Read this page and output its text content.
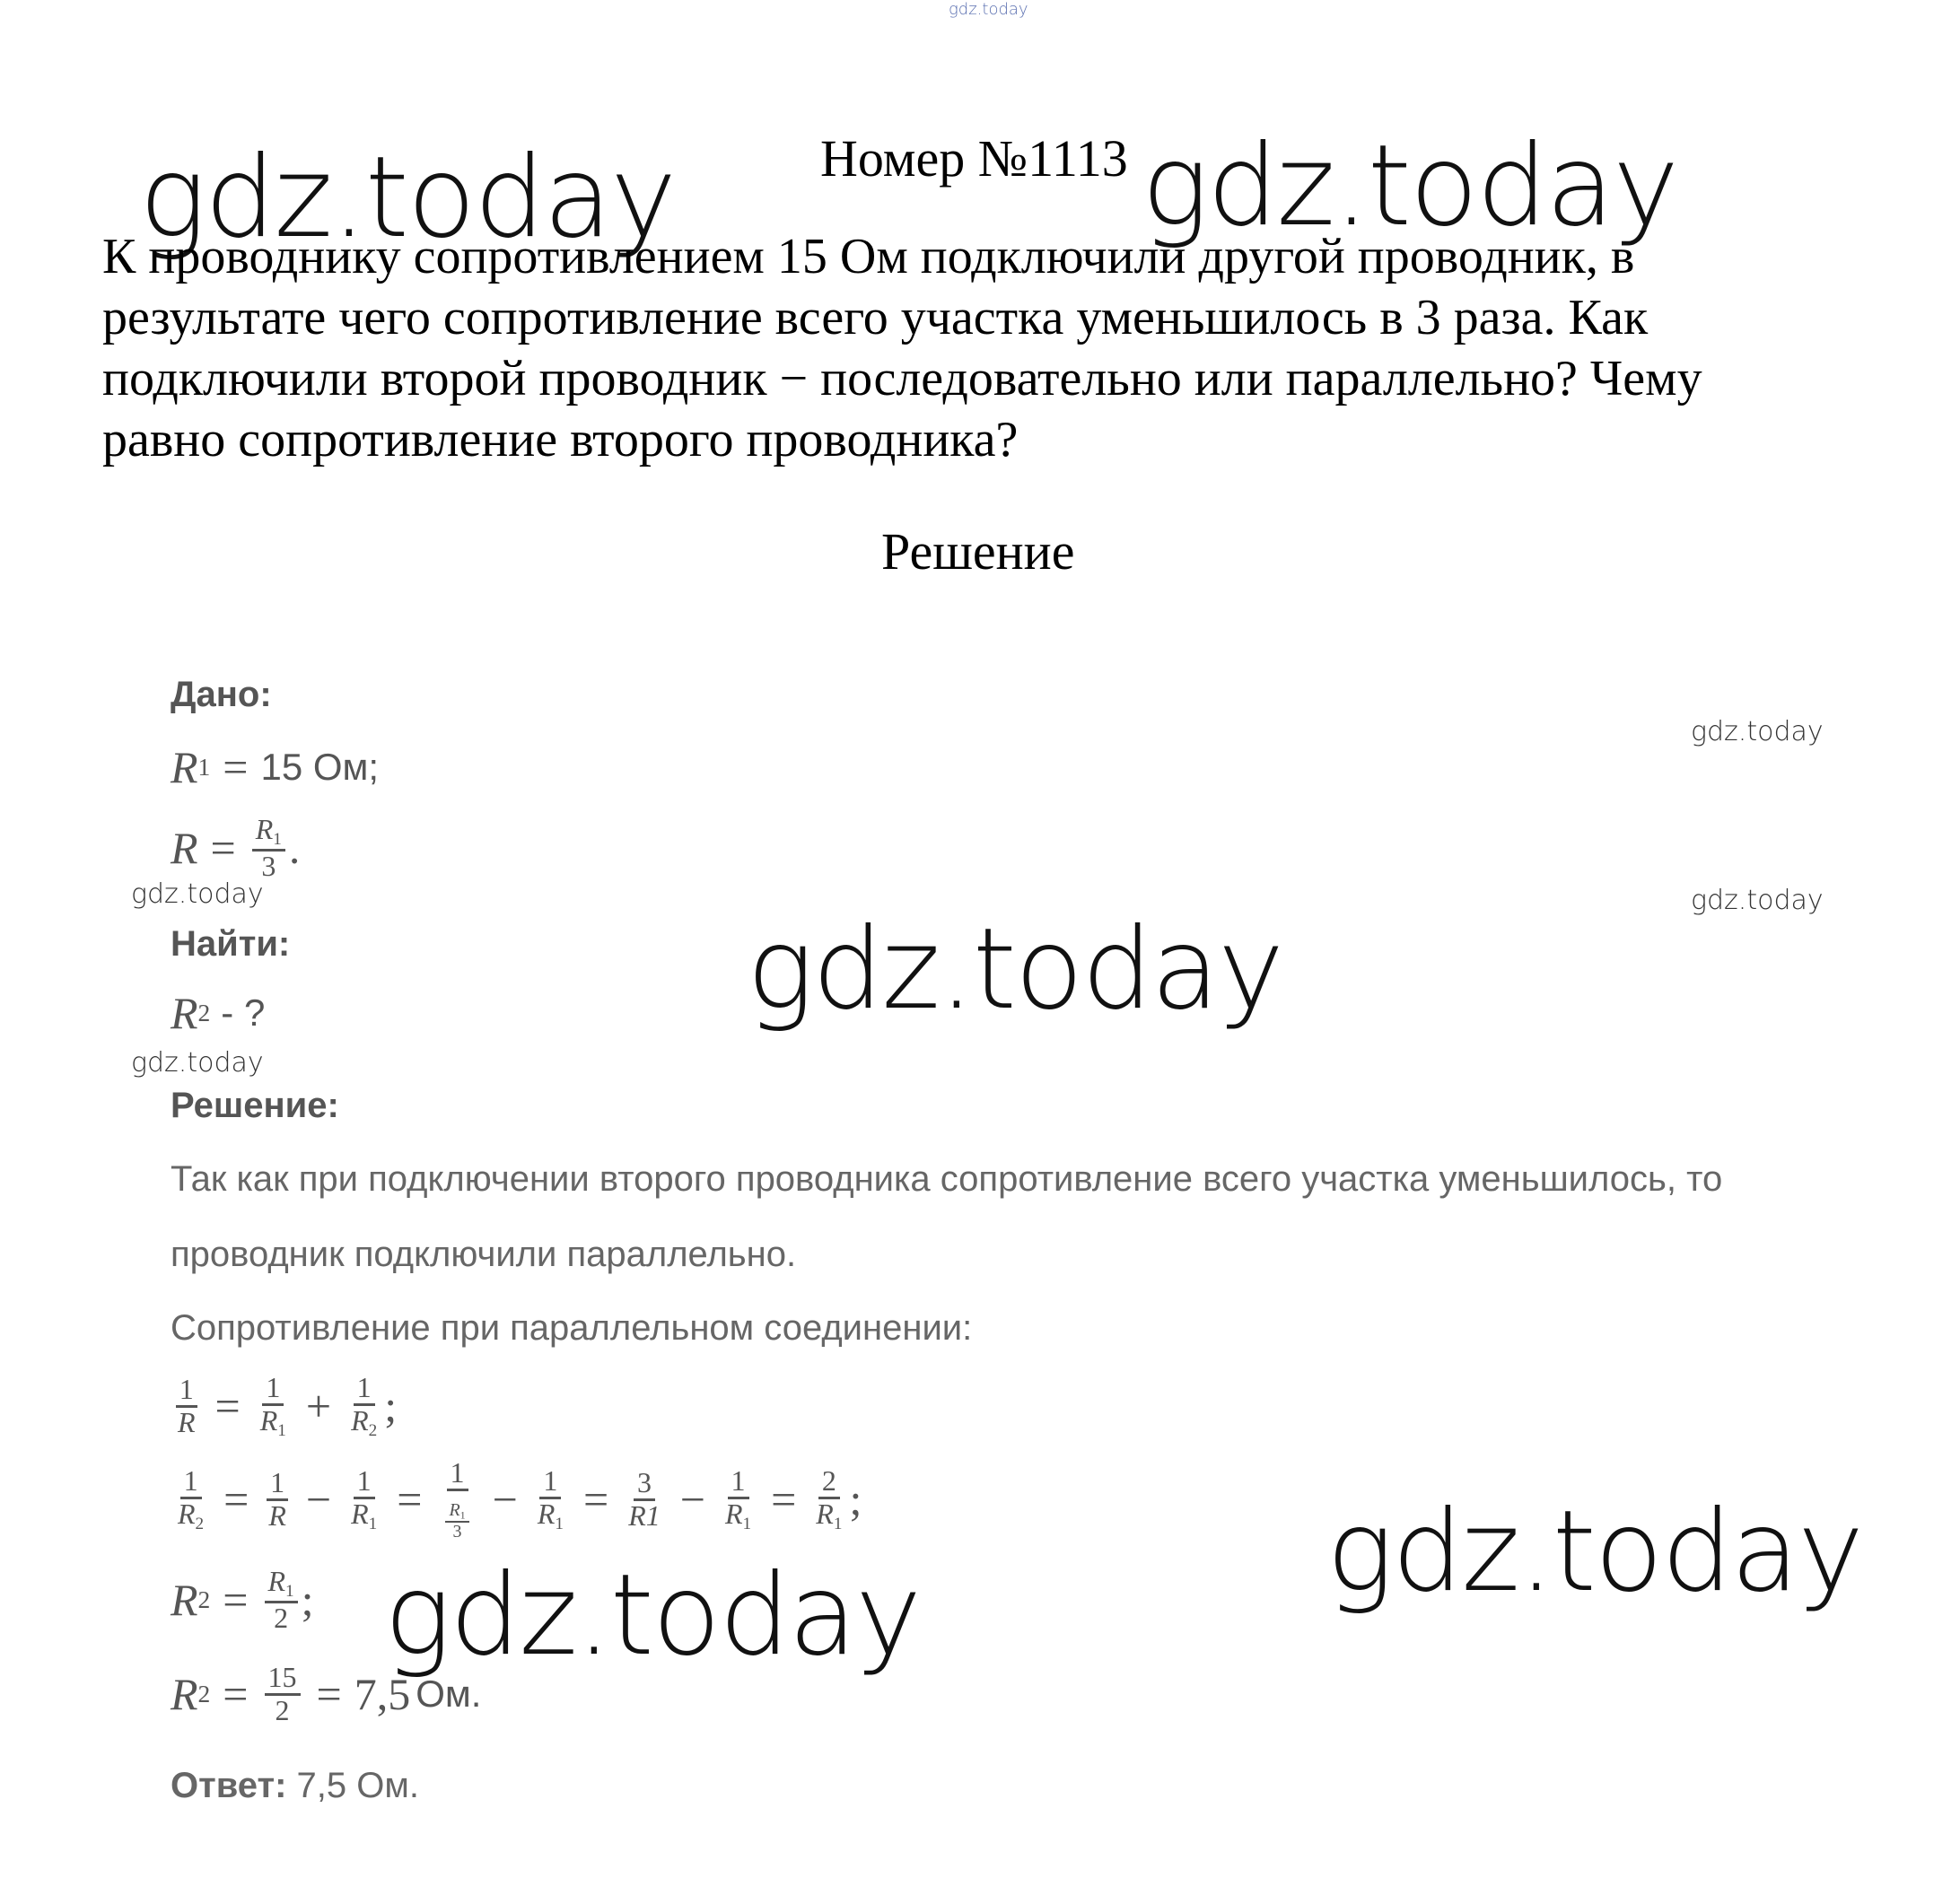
gdz.today
gdz.today	gdz.today
gdz.today
gdz.today
gdz.today
gdz.today
gdz.today
gdz.today
gdz.today
Номер №1113
К проводнику сопротивлением 15 Ом подключили другой проводник, в
результате чего сопротивление всего участка уменьшилось в 3 раза. Как
подключили второй проводник − последовательно или параллельно? Чему
равно сопротивление второго проводника?
Решение
Дано:
R 1 = 15 Ом;
$R = \frac{R_1}{3}$ .
Найти:
R 2 - ?
Решение:
Так как при подключении второго проводника сопротивление всего участка уменьшилось, то
проводник подключили параллельно.
Сопротивление при параллельном соединении:
$\frac{1}{R} = \frac{1}{R_1} + \frac{1}{R_2}$ ;
$\frac{1}{R_2} = \frac{1}{R} - \frac{1}{R_1} = \frac{1}{\frac{R_1}{3}} - \frac{1}{R_1} = \frac{3}{R1} - \frac{1}{R_1} = \frac{2}{R_1}$ ;
R $2 = \frac{R_1}{2}$ ;
R $2 = \frac{15}{2} = 7,5$ Ом.
Ответ: 7,5 Ом.
